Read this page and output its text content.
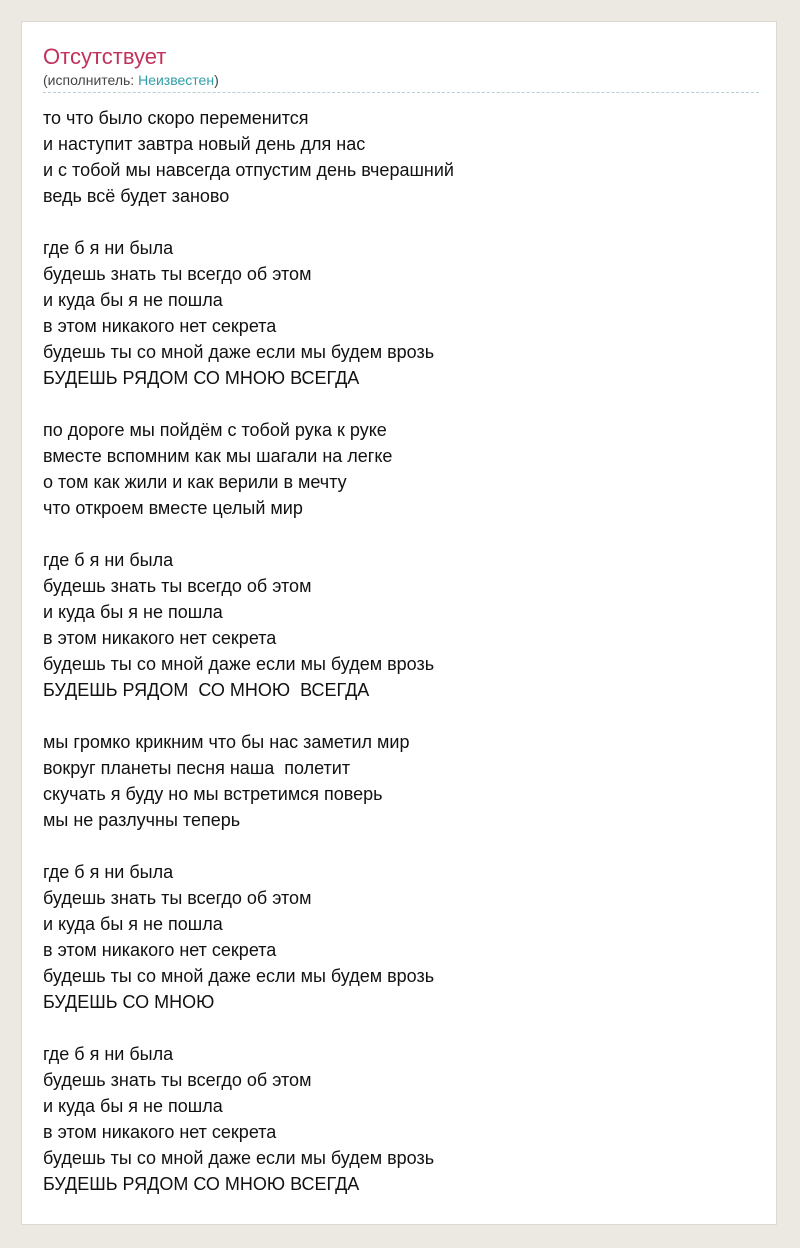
Отсутствует
(исполнитель: Неизвестен)
то что было скоро переменится
и наступит завтра новый день для нас
и с тобой мы навсегда отпустим день вчерашний
ведь всё будет заново
где б я ни была
будешь знать ты всегдо об этом
и куда бы я не пошла
в этом никакого нет секрета
будешь ты со мной даже если мы будем врозь
БУДЕШЬ РЯДОМ СО МНОЮ ВСЕГДА
по дороге мы пойдём с тобой рука к руке
вместе вспомним как мы шагали на легке
о том как жили и как верили в мечту
что откроем вместе целый мир
где б я ни была
будешь знать ты всегдо об этом
и куда бы я не пошла
в этом никакого нет секрета
будешь ты со мной даже если мы будем врозь
БУДЕШЬ РЯДОМ  СО МНОЮ  ВСЕГДА
мы громко крикним что бы нас заметил мир
вокруг планеты песня наша  полетит
скучать я буду но мы встретимся поверь
мы не разлучны теперь
где б я ни была
будешь знать ты всегдо об этом
и куда бы я не пошла
в этом никакого нет секрета
будешь ты со мной даже если мы будем врозь
БУДЕШЬ СО МНОЮ
где б я ни была
будешь знать ты всегдо об этом
и куда бы я не пошла
в этом никакого нет секрета
будешь ты со мной даже если мы будем врозь
БУДЕШЬ РЯДОМ СО МНОЮ ВСЕГДА
